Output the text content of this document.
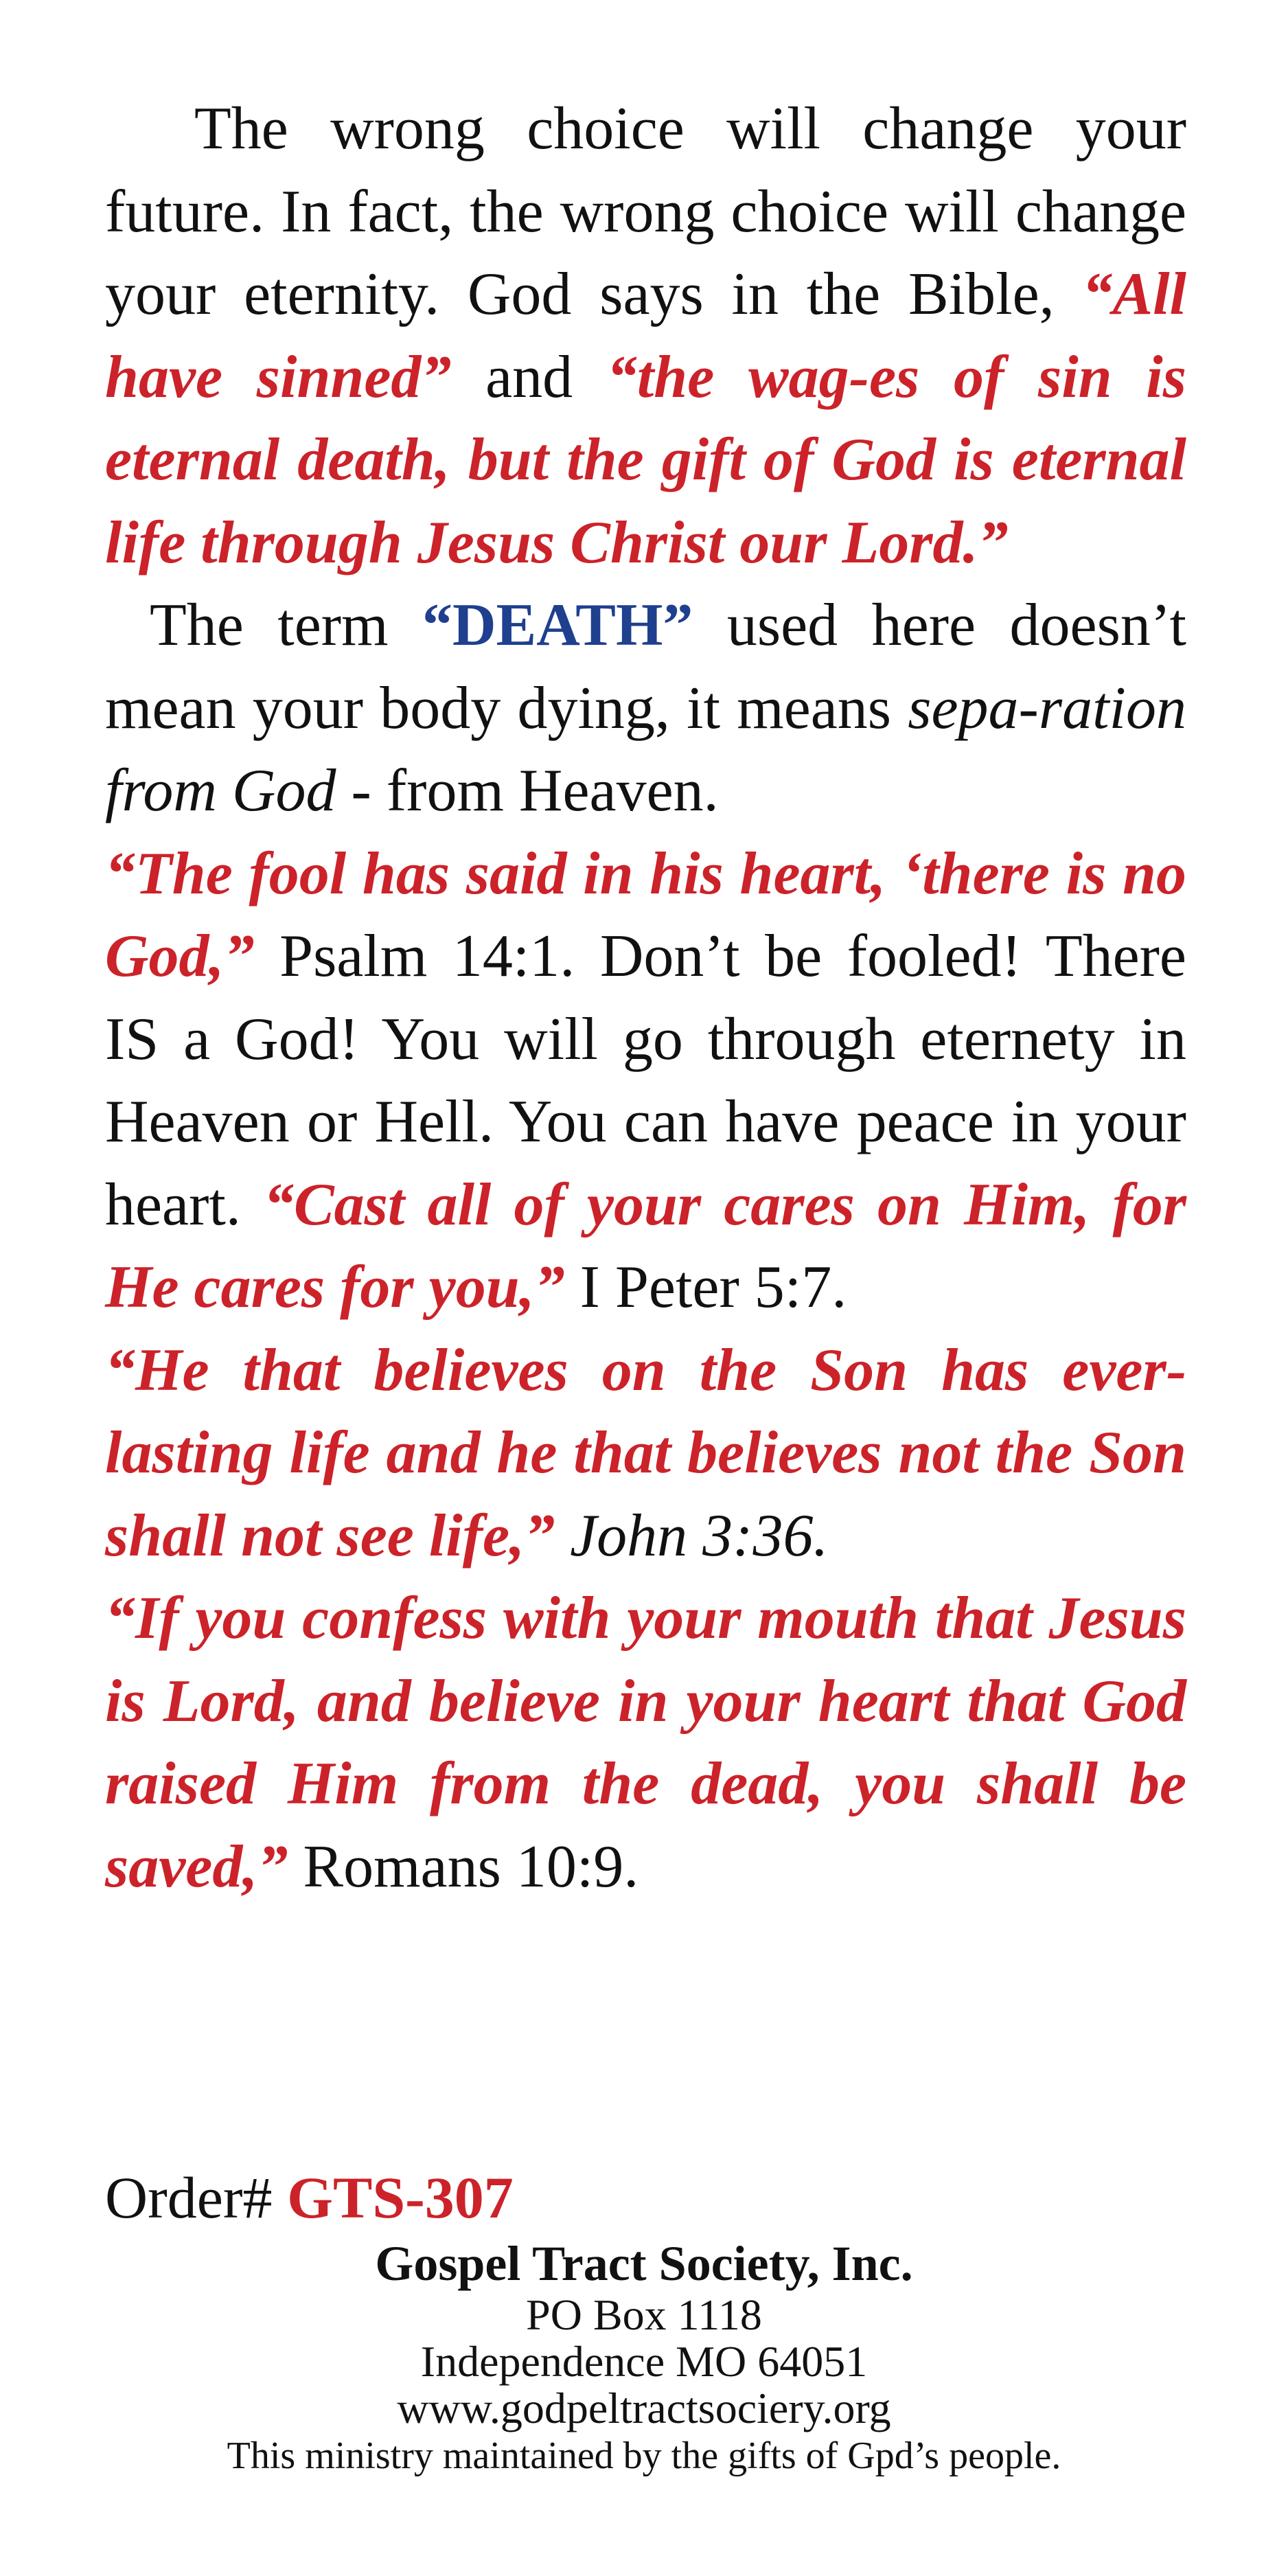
The wrong choice will change your future. In fact, the wrong choice will change your eternity. God says in the Bible, “All have sinned” and “the wag-es of sin is eternal death, but the gift of God is eternal life through Jesus Christ our Lord.”

The term “DEATH” used here doesn’t mean your body dying, it means sepa-ration from God - from Heaven.

“The fool has said in his heart, ‘there is no God,” Psalm 14:1. Don’t be fooled! There IS a God! You will go through eternety in Heaven or Hell. You can have peace in your heart. “Cast all of your cares on Him, for He cares for you,” I Peter 5:7.

“He that believes on the Son has ever-lasting life and he that believes not the Son shall not see life,” John 3:36.

“If you confess with your mouth that Jesus is Lord, and believe in your heart that God raised Him from the dead, you shall be saved,” Romans 10:9.

Order# GTS-307
Gospel Tract Society, Inc.
PO Box 1118
Independence MO 64051
www.godpeltractsociery.org
This ministry maintained by the gifts of Gpd’s people.
